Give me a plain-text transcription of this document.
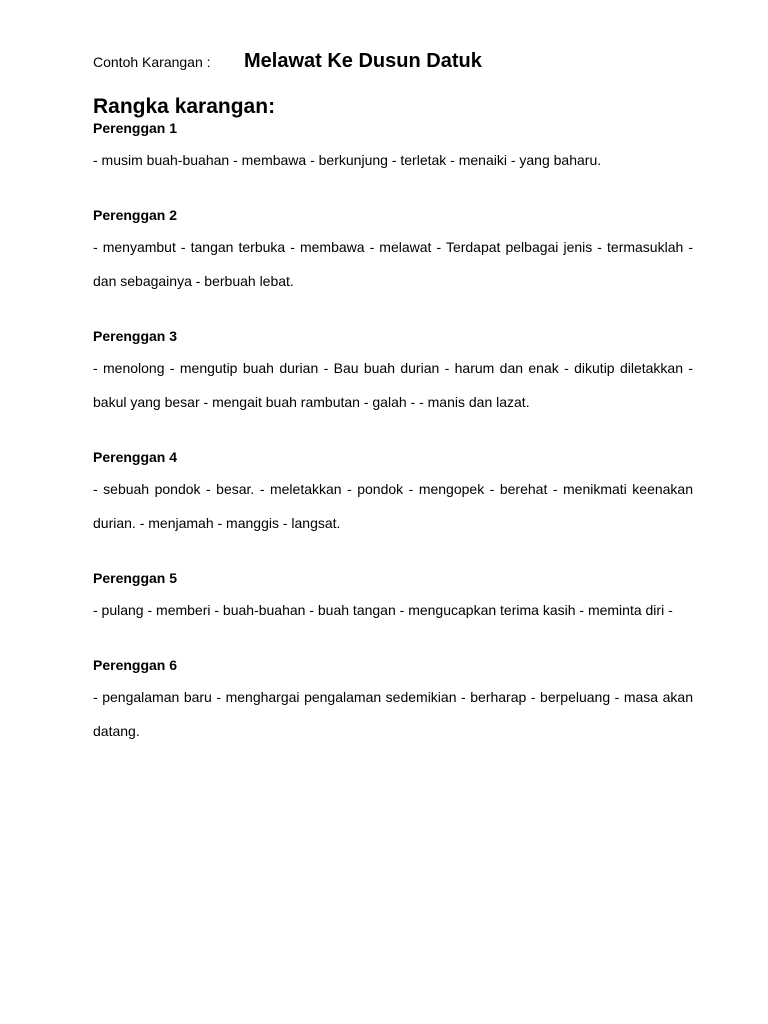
Contoh Karangan :	Melawat Ke Dusun Datuk
Rangka karangan:
Perenggan 1
- musim buah-buahan - membawa - berkunjung - terletak - menaiki - yang baharu.
Perenggan 2
- menyambut - tangan terbuka - membawa - melawat - Terdapat pelbagai jenis - termasuklah - dan sebagainya - berbuah lebat.
Perenggan 3
- menolong - mengutip buah durian - Bau buah durian - harum dan enak - dikutip diletakkan - bakul yang besar - mengait buah rambutan - galah - - manis dan lazat.
Perenggan 4
- sebuah pondok - besar. - meletakkan - pondok - mengopek - berehat - menikmati keenakan durian. - menjamah - manggis - langsat.
Perenggan 5
- pulang - memberi - buah-buahan - buah tangan - mengucapkan terima kasih - meminta diri -
Perenggan 6
- pengalaman baru - menghargai pengalaman sedemikian - berharap - berpeluang - masa akan datang.
